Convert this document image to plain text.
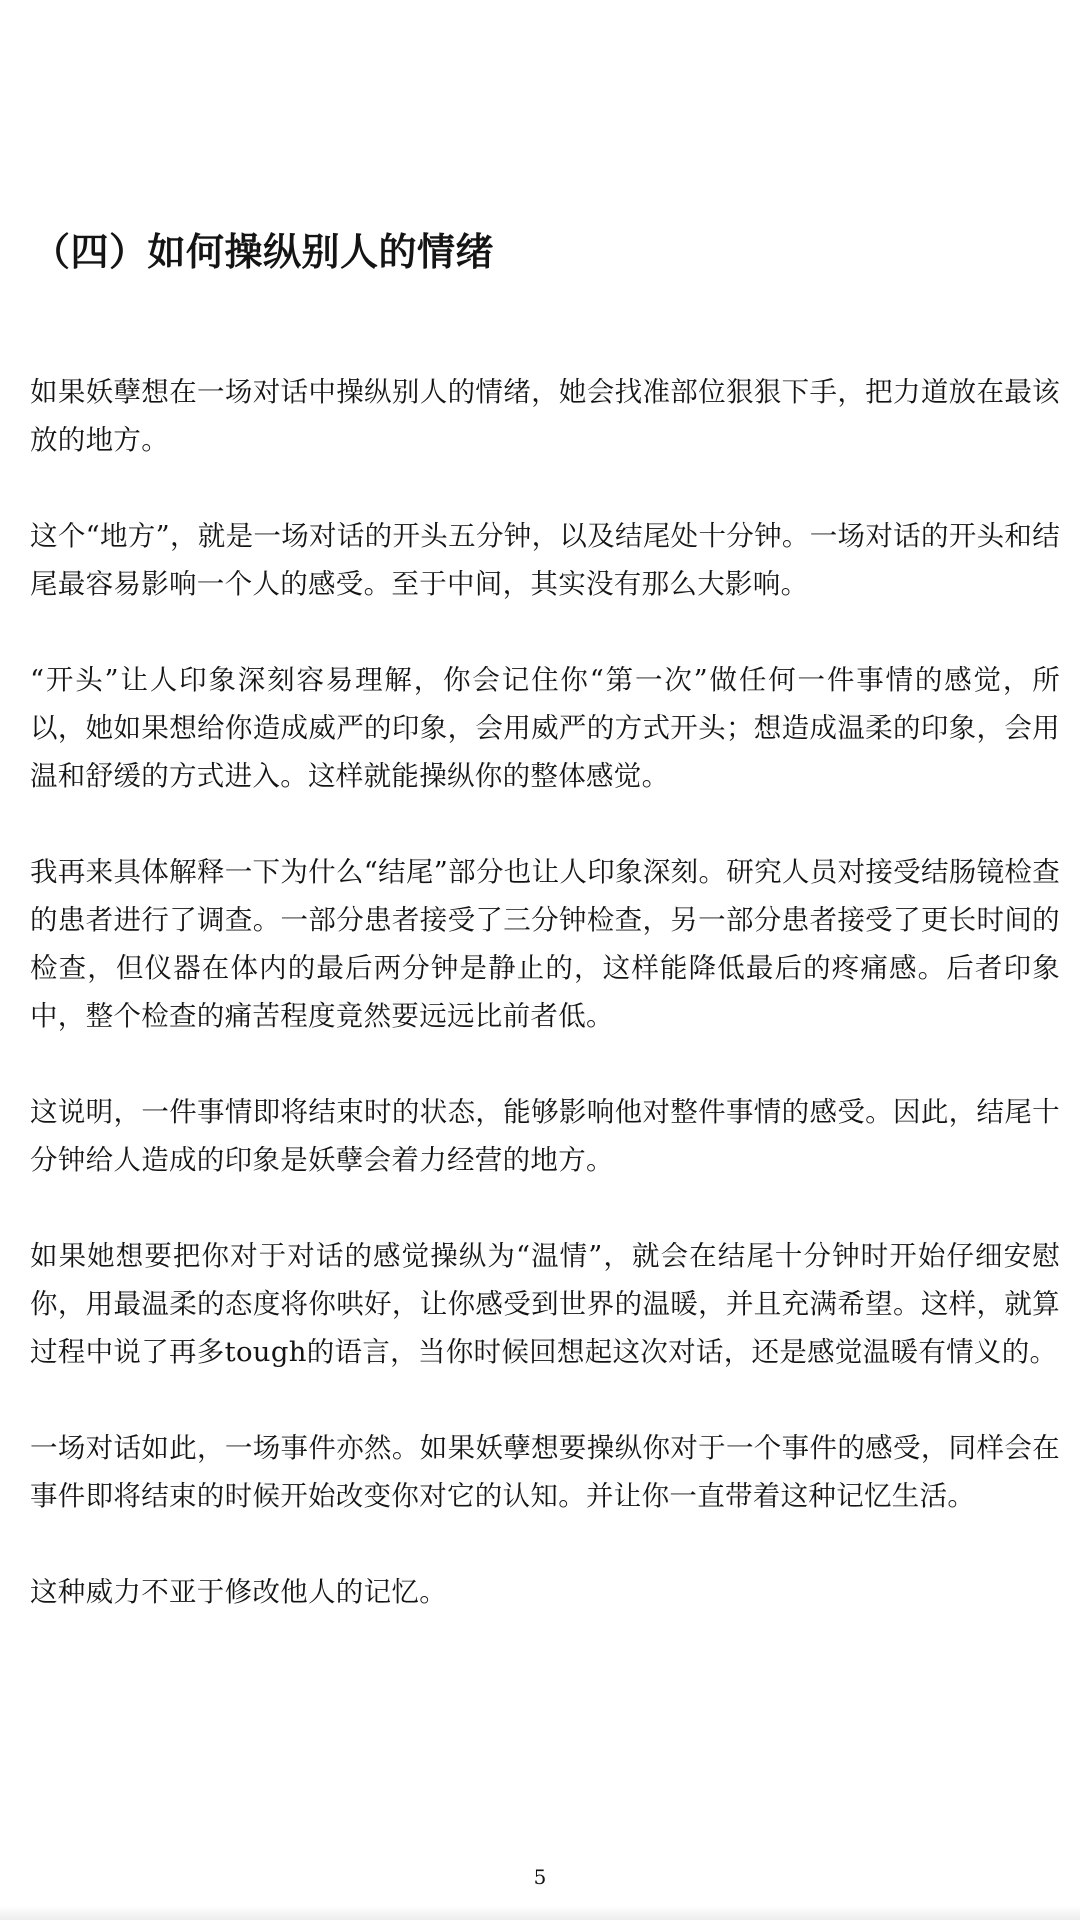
（四）如何操纵别人的情绪

如果妖孽想在一场对话中操纵别人的情绪，她会找准部位狠狠下手，把力道放在最该放的地方。

这个“地方”，就是一场对话的开头五分钟，以及结尾处十分钟。一场对话的开头和结尾最容易影响一个人的感受。至于中间，其实没有那么大影响。

“开头”让人印象深刻容易理解，你会记住你“第一次”做任何一件事情的感觉，所以，她如果想给你造成威严的印象，会用威严的方式开头；想造成温柔的印象，会用温和舒缓的方式进入。这样就能操纵你的整体感觉。

我再来具体解释一下为什么“结尾”部分也让人印象深刻。研究人员对接受结肠镜检查的患者进行了调查。一部分患者接受了三分钟检查，另一部分患者接受了更长时间的检查，但仪器在体内的最后两分钟是静止的，这样能降低最后的疼痛感。后者印象中，整个检查的痛苦程度竟然要远远比前者低。

这说明，一件事情即将结束时的状态，能够影响他对整件事情的感受。因此，结尾十分钟给人造成的印象是妖孽会着力经营的地方。

如果她想要把你对于对话的感觉操纵为“温情”，就会在结尾十分钟时开始仔细安慰你，用最温柔的态度将你哄好，让你感受到世界的温暖，并且充满希望。这样，就算过程中说了再多tough的语言，当你时候回想起这次对话，还是感觉温暖有情义的。

一场对话如此，一场事件亦然。如果妖孽想要操纵你对于一个事件的感受，同样会在事件即将结束的时候开始改变你对它的认知。并让你一直带着这种记忆生活。

这种威力不亚于修改他人的记忆。

5
